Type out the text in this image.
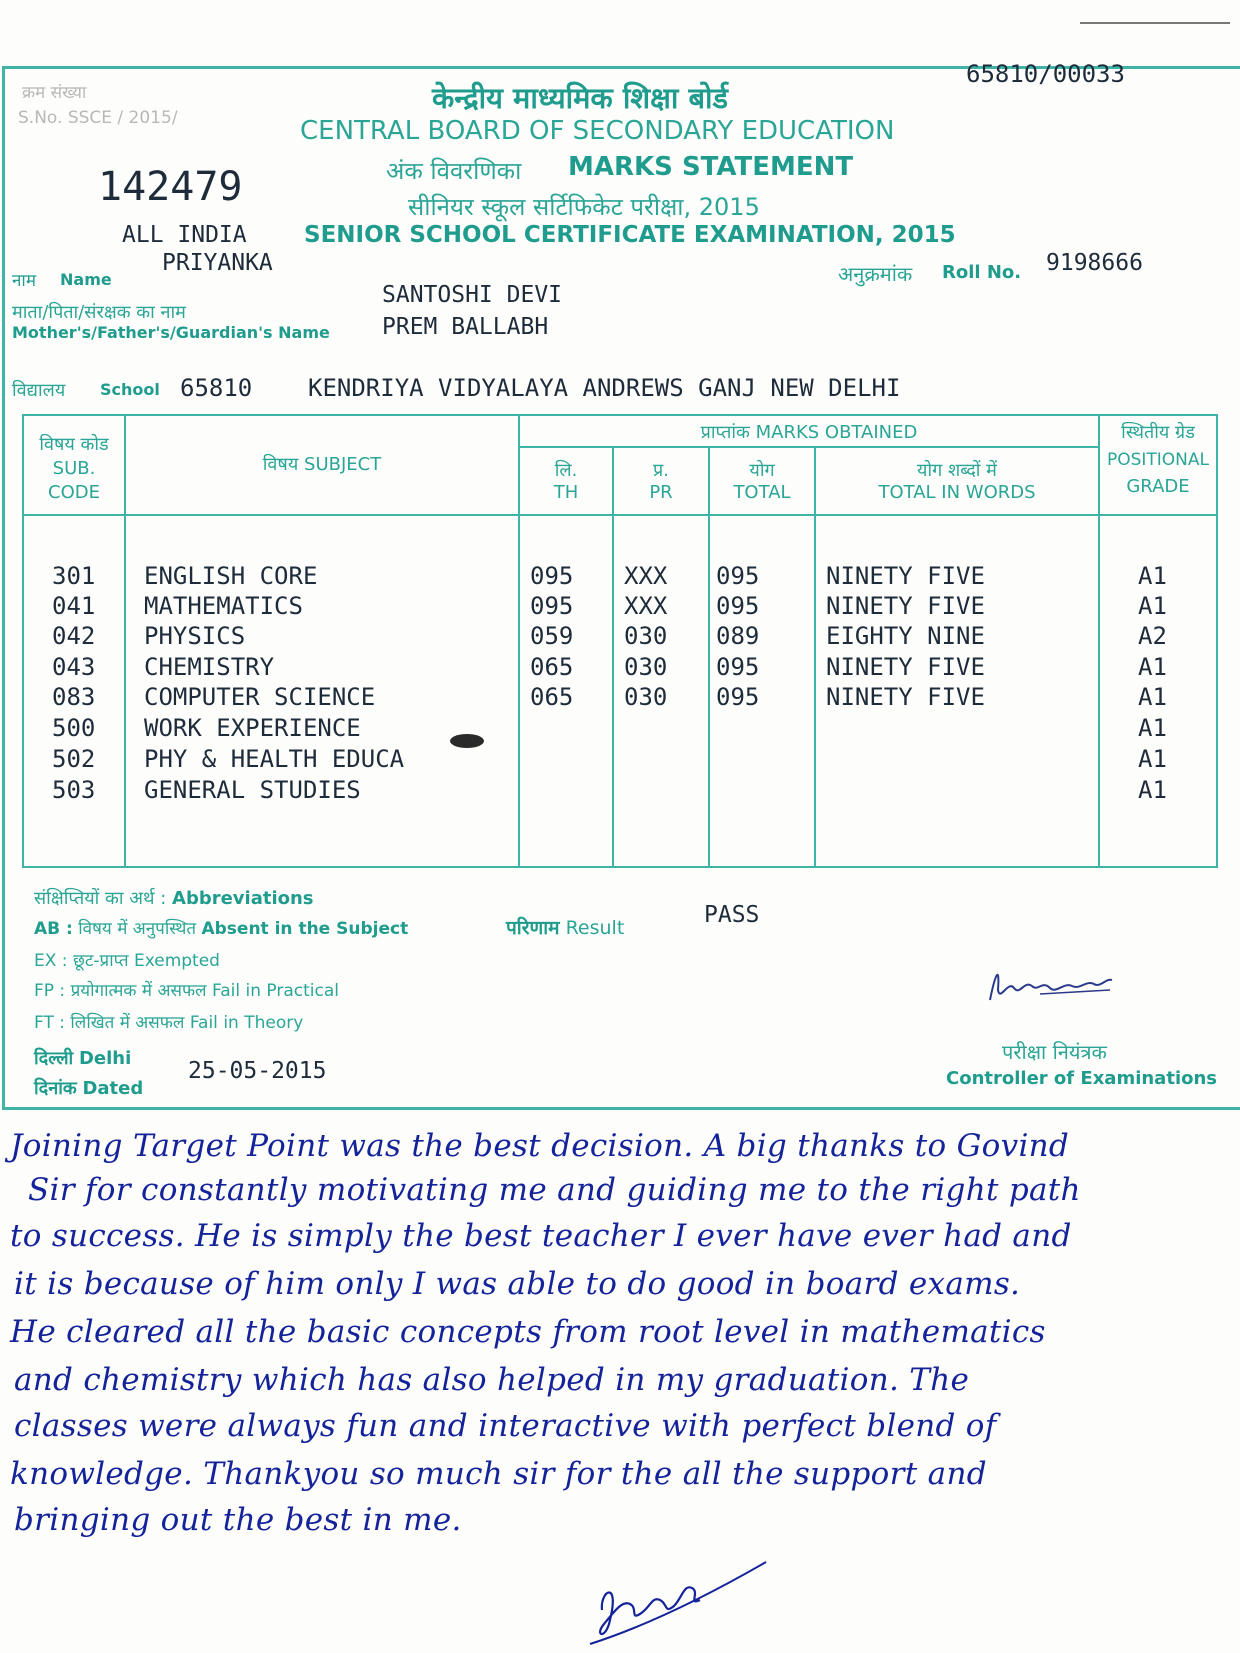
क्रम संख्या
S.No. SSCE / 2015/
142479
65810/00033
केन्द्रीय माध्यमिक शिक्षा बोर्ड
CENTRAL BOARD OF SECONDARY EDUCATION
अंक विवरणिका MARKS STATEMENT
सीनियर स्कूल सर्टिफिकेट परीक्षा, 2015
ALL INDIA SENIOR SCHOOL CERTIFICATE EXAMINATION, 2015
PRIYANKA
नाम Name	अनुक्रमांक Roll No. 9198666
SANTOSHI DEVI
माता/पिता/संरक्षक का नाम
Mother's/Father's/Guardian's Name PREM BALLABH
विद्यालय School 65810 KENDRIYA VIDYALAYA ANDREWS GANJ NEW DELHI
विषय कोड
SUB.
CODE
विषय SUBJECT
प्राप्तांक MARKS OBTAINED
लि.
TH
प्र.
PR
योग
TOTAL
योग शब्दों में
TOTAL IN WORDS
स्थितीय ग्रेड
POSITIONAL
GRADE
301 ENGLISH CORE	095 XXX 095	NINETY FIVE	A1
041 MATHEMATICS	095 XXX 095	NINETY FIVE	A1
042 PHYSICS	059 030 089	EIGHTY NINE	A2
043 CHEMISTRY	065 030 095	NINETY FIVE	A1
083 COMPUTER SCIENCE	065 030 095	NINETY FIVE	A1
500 WORK EXPERIENCE	A1
502 PHY & HEALTH EDUCA	A1
503 GENERAL STUDIES	A1
संक्षिप्तियों का अर्थ : Abbreviations
AB : विषय में अनुपस्थित Absent in the Subject
EX : छूट-प्राप्त Exempted
FP : प्रयोगात्मक में असफल Fail in Practical
FT : लिखित में असफल Fail in Theory
परिणाम Result	PASS
दिल्ली Delhi
दिनांक Dated
25-05-2015
परीक्षा नियंत्रक
Controller of Examinations
Joining Target Point was the best decision. A big thanks to Govind
Sir for constantly motivating me and guiding me to the right path
to success. He is simply the best teacher I ever have ever had and
it is because of him only I was able to do good in board exams.
He cleared all the basic concepts from root level in mathematics
and chemistry which has also helped in my graduation. The
classes were always fun and interactive with perfect blend of
knowledge. Thankyou so much sir for the all the support and
bringing out the best in me.
